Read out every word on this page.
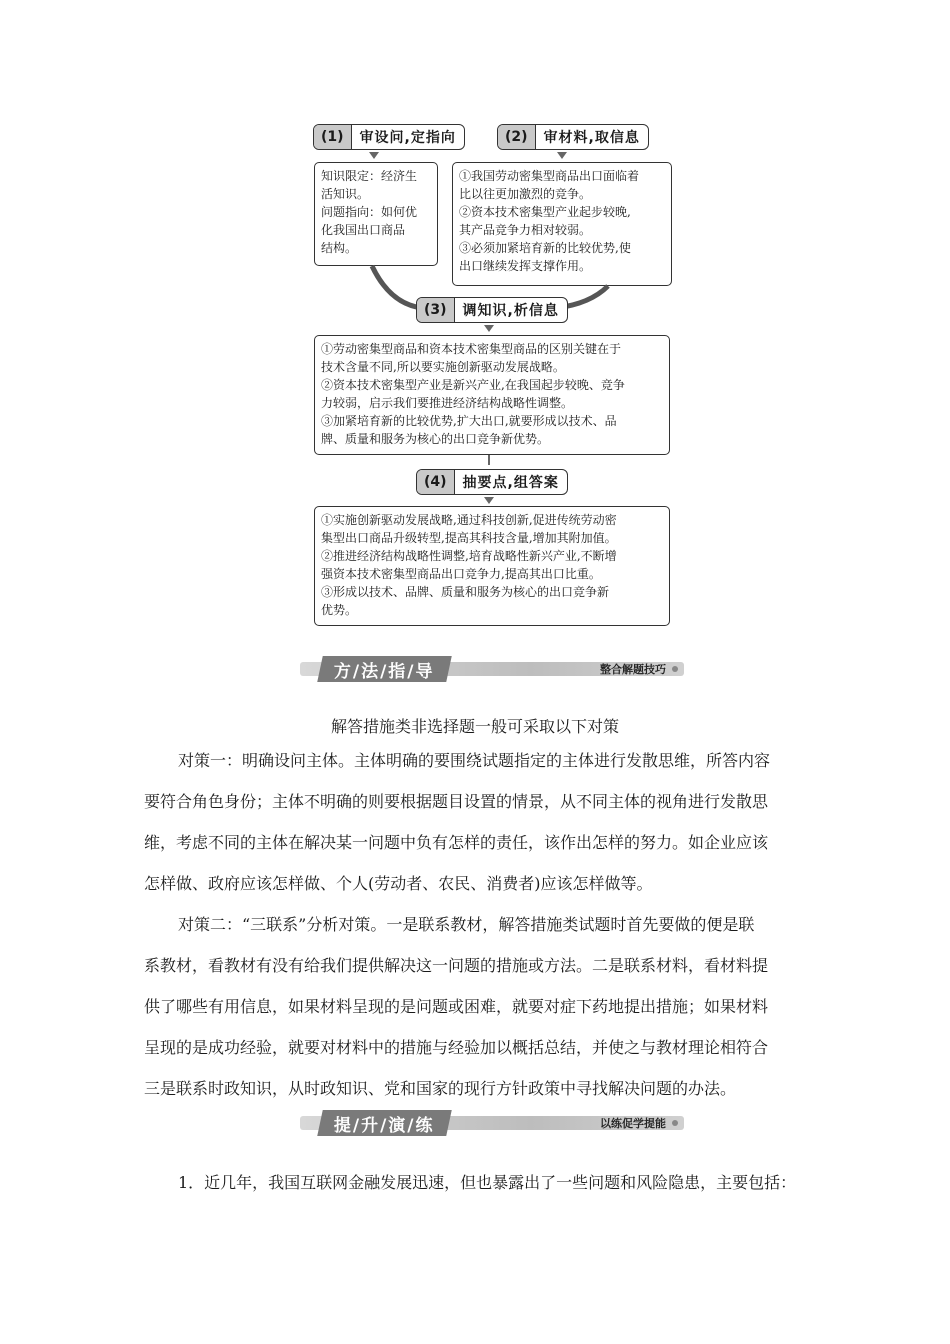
(1)	审设问,定指向	(2)	审材料,取信息
知识限定：经济生
活知识。
问题指向：如何优
化我国出口商品
结构。
①我国劳动密集型商品出口面临着
比以往更加激烈的竞争。
②资本技术密集型产业起步较晚,
其产品竞争力相对较弱。
③必须加紧培育新的比较优势,使
出口继续发挥支撑作用。
(3)	调知识,析信息
①劳动密集型商品和资本技术密集型商品的区别关键在于
技术含量不同,所以要实施创新驱动发展战略。
②资本技术密集型产业是新兴产业,在我国起步较晚、竞争
力较弱，启示我们要推进经济结构战略性调整。
③加紧培育新的比较优势,扩大出口,就要形成以技术、品
牌、质量和服务为核心的出口竞争新优势。
(4)	抽要点,组答案
①实施创新驱动发展战略,通过科技创新,促进传统劳动密
集型出口商品升级转型,提高其科技含量,增加其附加值。
②推进经济结构战略性调整,培育战略性新兴产业,不断增
强资本技术密集型商品出口竞争力,提高其出口比重。
③形成以技术、品牌、质量和服务为核心的出口竞争新
优势。
方/法/指/导	整合解题技巧
解答措施类非选择题一般可采取以下对策

对策一：明确设问主体。主体明确的要围绕试题指定的主体进行发散思维，所答内容

要符合角色身份；主体不明确的则要根据题目设置的情景，从不同主体的视角进行发散思

维，考虑不同的主体在解决某一问题中负有怎样的责任，该作出怎样的努力。如企业应该

怎样做、政府应该怎样做、个人(劳动者、农民、消费者)应该怎样做等。

对策二：“三联系”分析对策。一是联系教材，解答措施类试题时首先要做的便是联

系教材，看教材有没有给我们提供解决这一问题的措施或方法。二是联系材料，看材料提

供了哪些有用信息，如果材料呈现的是问题或困难，就要对症下药地提出措施；如果材料

呈现的是成功经验，就要对材料中的措施与经验加以概括总结，并使之与教材理论相符合

三是联系时政知识，从时政知识、党和国家的现行方针政策中寻找解决问题的办法。

提/升/演/练	以练促学提能
1．近几年，我国互联网金融发展迅速，但也暴露出了一些问题和风险隐患，主要包括：
